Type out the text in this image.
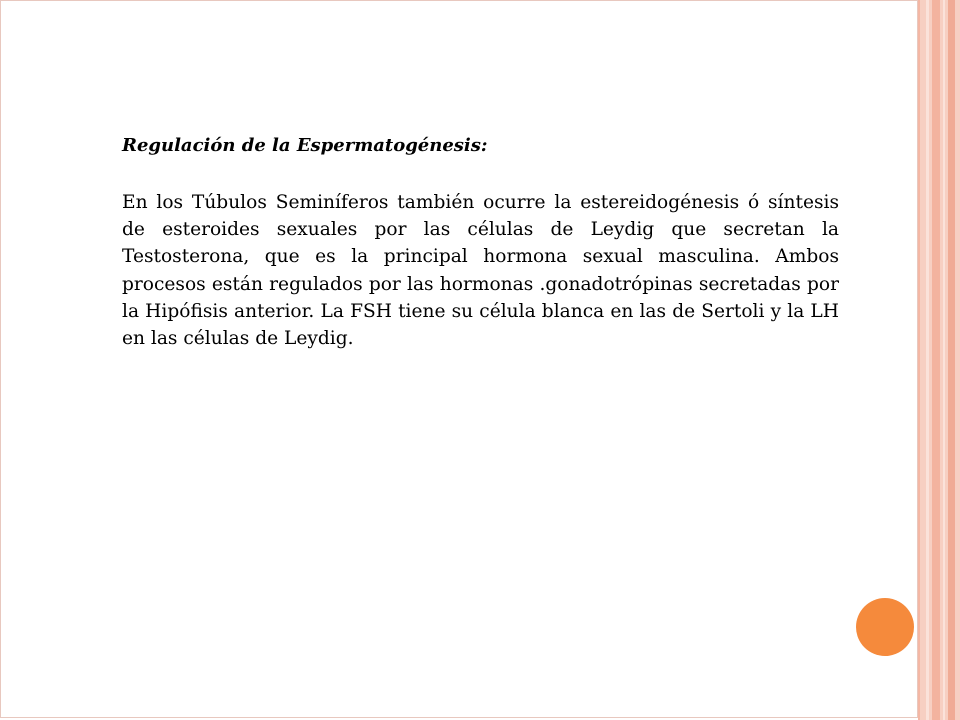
Regulación de la Espermatogénesis:

En los Túbulos Seminíferos también ocurre la estereidogénesis ó síntesis de esteroides sexuales por las células de Leydig que secretan la Testosterona, que es la principal hormona sexual masculina. Ambos procesos están regulados por las hormonas .gonadotrópinas secretadas por la Hipófisis anterior. La FSH tiene su célula blanca en las de Sertoli y la LH en las células de Leydig.
